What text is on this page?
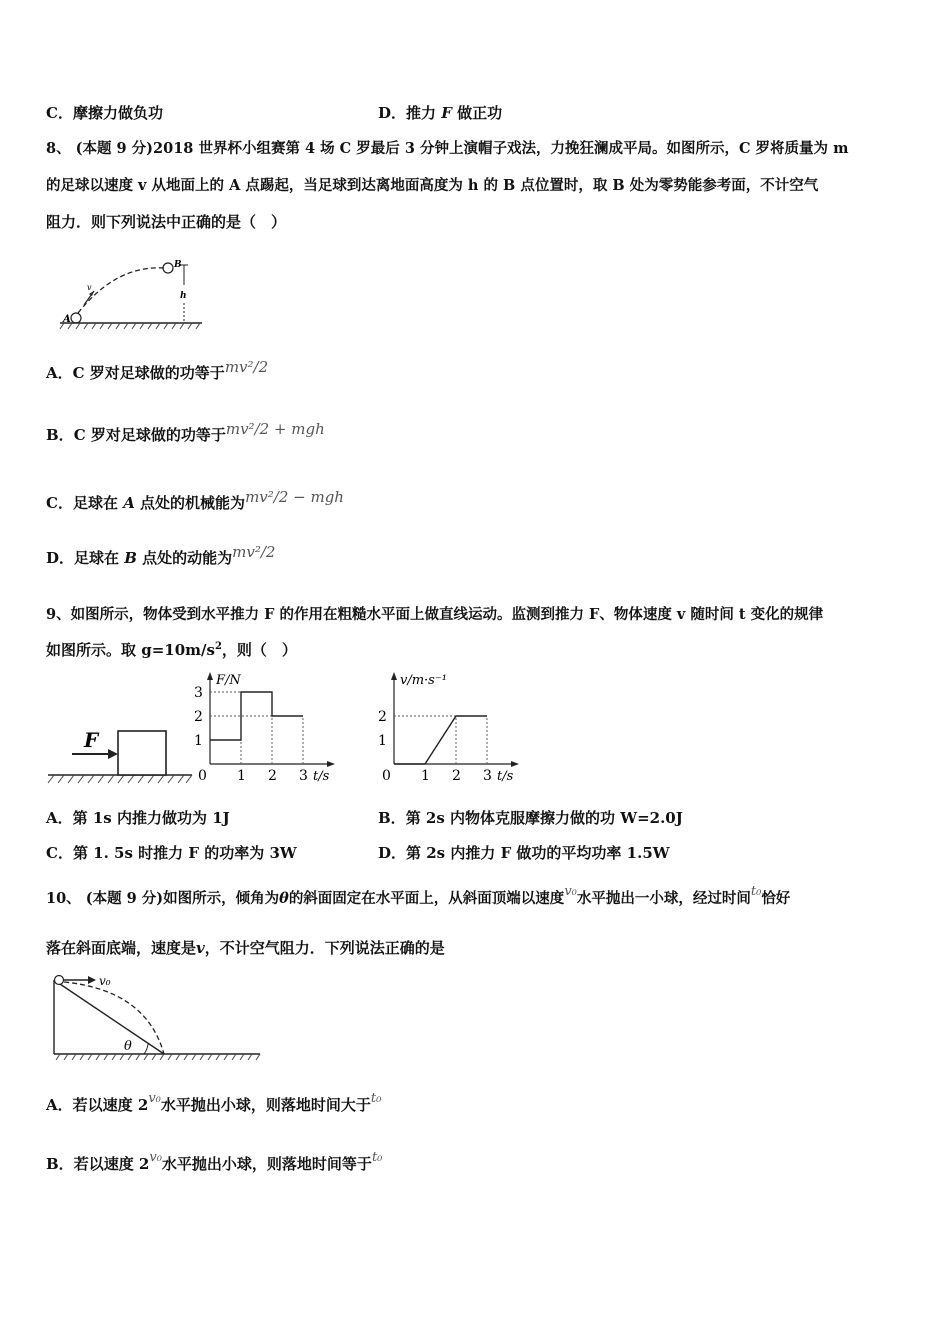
C．摩擦力做负功	D．推力 F 做正功
8、 (本题 9 分)2018 世界杯小组赛第 4 场 C 罗最后 3 分钟上演帽子戏法，力挽狂澜成平局。如图所示，C 罗将质量为 m
的足球以速度 v 从地面上的 A 点踢起，当足球到达离地面高度为 h 的 B 点位置时，取 B 处为零势能参考面，不计空气
阻力．则下列说法中正确的是（　）
A
B
h
v
A．C 罗对足球做的功等于mv²/2
B．C 罗对足球做的功等于mv²/2 + mgh
C．足球在 A 点处的机械能为mv²/2 − mgh
D．足球在 B 点处的动能为mv²/2
9、如图所示，物体受到水平推力 F 的作用在粗糙水平面上做直线运动。监测到推力 F、物体速度 v 随时间 t 变化的规律
如图所示。取 $g=10m/s^2$，则（　）
F
0 1 2 3
1
2
3
t/s
F/N
0 1 2 3
1
2
t/s
v/m·s⁻¹
A．第 1s 内推力做功为 1J	B．第 2s 内物体克服摩擦力做的功 W=2.0J
C．第 1. 5s 时推力 F 的功率为 3W	D．第 2s 内推力 F 做功的平均功率 1.5W
10、 (本题 9 分)如图所示，倾角为θ的斜面固定在水平面上，从斜面顶端以速度v₀水平抛出一小球，经过时间t₀恰好
落在斜面底端，速度是v，不计空气阻力．下列说法正确的是
v₀
θ
A．若以速度 2v₀水平抛出小球，则落地时间大于t₀
B．若以速度 2v₀水平抛出小球，则落地时间等于t₀
